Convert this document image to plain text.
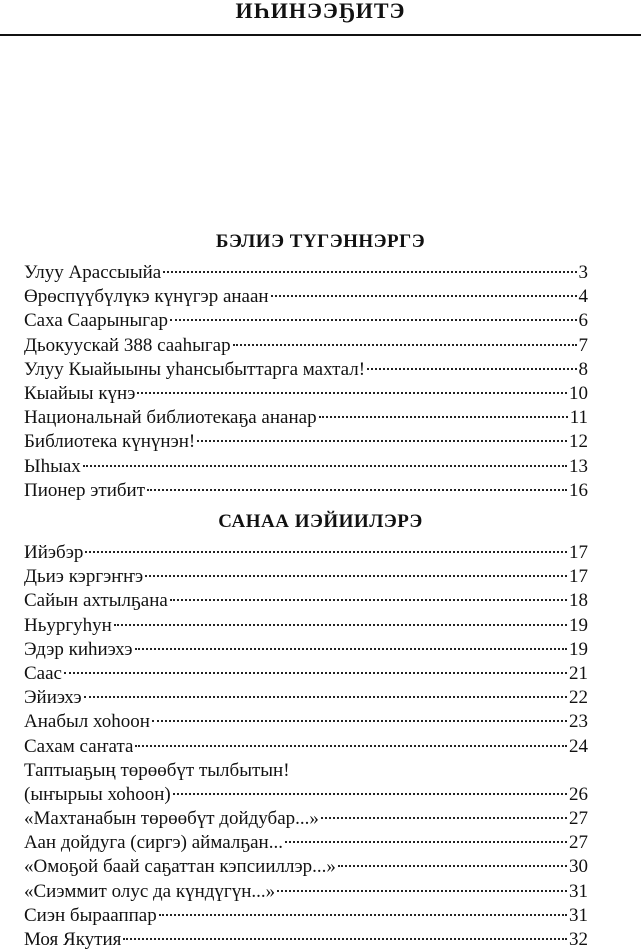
ИҺИНЭЭҔИТЭ
БЭЛИЭ ТҮГЭННЭРГЭ
Улуу Арассыыйа	3
Өрөспүүбүлүкэ күнүгэр анаан	4
Саха Саарыныгар	6
Дьокуускай 388 сааһыгар	7
Улуу Кыайыыны уһансыбыттарга махтал!	8
Кыайыы күнэ	10
Национальнай библиотекаҕа ананар	11
Библиотека күнүнэн!	12
Ыһыах	13
Пионер этибит	16
САНАА ИЭЙИИЛЭРЭ
Ийэбэр	17
Дьиэ кэргэҥҥэ	17
Сайын ахтылҕана	18
Ньургуһун	19
Эдэр киһиэхэ	19
Саас	21
Эйиэхэ	22
Анабыл хоһоон	23
Сахам саҥата	24
Таптыаҕың төрөөбүт тылбытын!
(ыҥырыы хоһоон)	26
«Махтанабын төрөөбүт дойдубар...»	27
Аан дойдуга (сиргэ) аймалҕан...	27
«Омоҕой баай саҕаттан кэпсииллэр...»	30
«Сиэммит олус да күндүгүн...»	31
Сиэн бырааппар	31
Моя Якутия	32
